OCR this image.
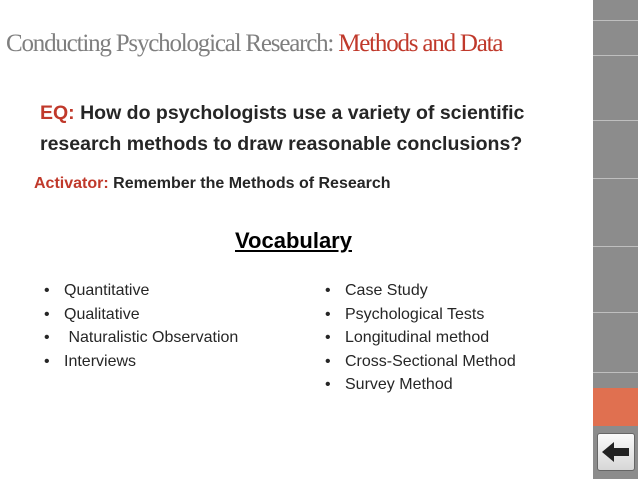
Conducting Psychological Research: Methods and Data
EQ: How do psychologists use a variety of scientific research methods to draw reasonable conclusions?
Activator: Remember the Methods of Research
Vocabulary
• Quantitative
• Qualitative
•  Naturalistic Observation
• Interviews
• Case Study
• Psychological Tests
• Longitudinal method
• Cross-Sectional Method
• Survey Method
